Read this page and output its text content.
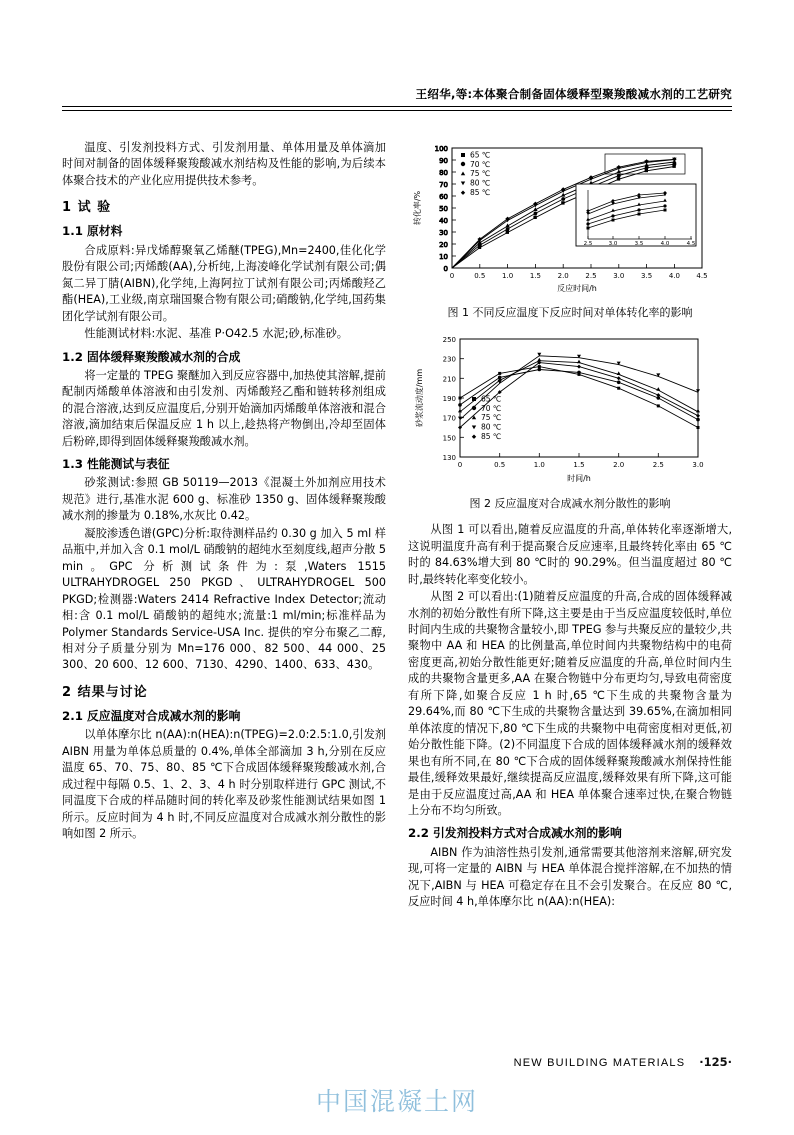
王绍华,等:本体聚合制备固体缓释型聚羧酸减水剂的工艺研究

温度、引发剂投料方式、引发剂用量、单体用量及单体滴加时间对制备的固体缓释聚羧酸减水剂结构及性能的影响,为后续本体聚合技术的产业化应用提供技术参考。

1 试 验
1.1 原材料

合成原料:异戊烯醇聚氧乙烯醚(TPEG),Mn=2400,佳化化学股份有限公司;丙烯酸(AA),分析纯,上海凌峰化学试剂有限公司;偶氮二异丁腈(AIBN),化学纯,上海阿拉丁试剂有限公司;丙烯酸羟乙酯(HEA),工业级,南京瑞国聚合物有限公司;硝酸钠,化学纯,国药集团化学试剂有限公司。

性能测试材料:水泥、基准 P·O42.5 水泥;砂,标准砂。

1.2 固体缓释聚羧酸减水剂的合成

将一定量的 TPEG 聚醚加入到反应容器中,加热使其溶解,提前配制丙烯酸单体溶液和由引发剂、丙烯酸羟乙酯和链转移剂组成的混合溶液,达到反应温度后,分别开始滴加丙烯酸单体溶液和混合溶液,滴加结束后保温反应 1 h 以上,趁热将产物倒出,冷却至固体后粉碎,即得到固体缓释聚羧酸减水剂。

1.3 性能测试与表征

砂浆测试:参照 GB 50119—2013《混凝土外加剂应用技术规范》进行,基准水泥 600 g、标准砂 1350 g、固体缓释聚羧酸减水剂的掺量为 0.18%,水灰比 0.42。

凝胶渗透色谱(GPC)分析:取待测样品约 0.30 g 加入 5 ml 样品瓶中,并加入含 0.1 mol/L 硝酸钠的超纯水至刻度线,超声分散 5 min。GPC 分析测试条件为:泵,Waters 1515 ULTRAHYDROGEL 250 PKGD、ULTRAHYDROGEL 500 PKGD;检测器:Waters 2414 Refractive Index Detector;流动相:含 0.1 mol/L 硝酸钠的超纯水;流量:1 ml/min;标准样品为 Polymer Standards Service-USA Inc. 提供的窄分布聚乙二醇,相对分子质量分别为 Mn=176 000、82 500、44 000、25 300、20 600、12 600、7130、4290、1400、633、430。

2 结果与讨论
2.1 反应温度对合成减水剂的影响

以单体摩尔比 n(AA):n(HEA):n(TPEG)=2.0:2.5:1.0,引发剂 AIBN 用量为单体总质量的 0.4%,单体全部滴加 3 h,分别在反应温度 65、70、75、80、85 ℃下合成固体缓释聚羧酸减水剂,合成过程中每隔 0.5、1、2、3、4 h 时分别取样进行 GPC 测试,不同温度下合成的样品随时间的转化率及砂浆性能测试结果如图 1 所示。反应时间为 4 h 时,不同反应温度对合成减水剂分散性的影响如图 2 所示。

0
10
20
30
40
50
60
70
80
90
100
0	0.5 1.0 1.5 2.0 2.5 3.0 3.5 4.0 4.5
反应时间/h
转化率/%
65 ℃
70 ℃
75 ℃
80 ℃
85 ℃
2.5	3.0	3.5	4.0	4.5
图 1 不同反应温度下反应时间对单体转化率的影响
130
150
170
190
210
230
250
0	0.5	1.0	1.5	2.0	2.5	3.0
时间/h
砂浆流动度/mm	65 ℃
70 ℃
75 ℃
80 ℃
85 ℃
图 2 反应温度对合成减水剂分散性的影响

从图 1 可以看出,随着反应温度的升高,单体转化率逐渐增大,这说明温度升高有利于提高聚合反应速率,且最终转化率由 65 ℃时的 84.63%增大到 80 ℃时的 90.29%。但当温度超过 80 ℃时,最终转化率变化较小。

从图 2 可以看出:(1)随着反应温度的升高,合成的固体缓释减水剂的初始分散性有所下降,这主要是由于当反应温度较低时,单位时间内生成的共聚物含量较小,即 TPEG 参与共聚反应的量较少,共聚物中 AA 和 HEA 的比例量高,单位时间内共聚物结构中的电荷密度更高,初始分散性能更好;随着反应温度的升高,单位时间内生成的共聚物含量更多,AA 在聚合物链中分布更均匀,导致电荷密度有所下降,如聚合反应 1 h 时,65 ℃下生成的共聚物含量为 29.64%,而 80 ℃下生成的共聚物含量达到 39.65%,在滴加相同单体浓度的情况下,80 ℃下生成的共聚物中电荷密度相对更低,初始分散性能下降。(2)不同温度下合成的固体缓释减水剂的缓释效果也有所不同,在 80 ℃下合成的固体缓释聚羧酸减水剂保持性能最佳,缓释效果最好,继续提高反应温度,缓释效果有所下降,这可能是由于反应温度过高,AA 和 HEA 单体聚合速率过快,在聚合物链上分布不均匀所致。

2.2 引发剂投料方式对合成减水剂的影响

AIBN 作为油溶性热引发剂,通常需要其他溶剂来溶解,研究发现,可将一定量的 AIBN 与 HEA 单体混合搅拌溶解,在不加热的情况下,AIBN 与 HEA 可稳定存在且不会引发聚合。在反应 80 ℃,反应时间 4 h,单体摩尔比 n(AA):n(HEA):

NEW BUILDING MATERIALS ·125·
中国混凝土网
